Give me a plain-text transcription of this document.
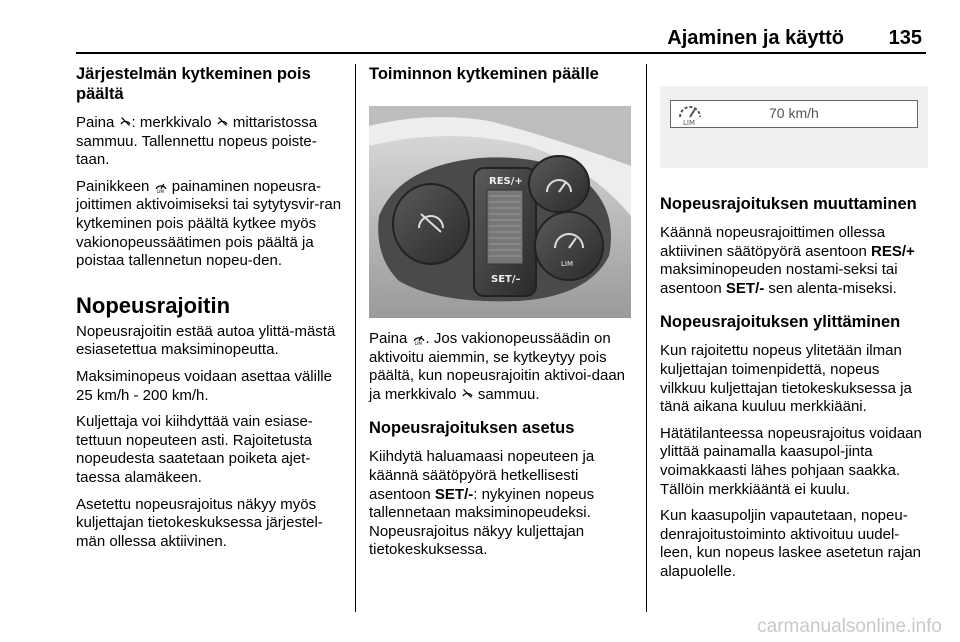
Ajaminen ja käyttö 135
Järjestelmän kytkeminen pois päältä

Paina : merkkivalo  mittaristossa sammuu. Tallennettu nopeus poiste-taan.

Painikkeen LIM painaminen nopeusra-joittimen aktivoimiseksi tai sytytysvir-ran kytkeminen pois päältä kytkee myös vakionopeussäätimen pois päältä ja poistaa tallennetun nopeu-den.

Nopeusrajoitin

Nopeusrajoitin estää autoa ylittä-mästä esiasetettua maksiminopeutta.

Maksiminopeus voidaan asettaa välille 25 km/h - 200 km/h.

Kuljettaja voi kiihdyttää vain esiase-tettuun nopeuteen asti. Rajoitetusta nopeudesta saatetaan poiketa ajet-taessa alamäkeen.

Asetettu nopeusrajoitus näkyy myös kuljettajan tietokeskuksessa järjestel-män ollessa aktiivinen.

Toiminnon kytkeminen päälle
RES/+
SET/–
LIM

Paina LIM . Jos vakionopeussäädin on aktivoitu aiemmin, se kytkeytyy pois päältä, kun nopeusrajoitin aktivoi-daan ja merkkivalo  sammuu.

Nopeusrajoituksen asetus

Kiihdytä haluamaasi nopeuteen ja käännä säätöpyörä hetkellisesti asentoon SET/-: nykyinen nopeus tallennetaan maksiminopeudeksi. Nopeusrajoitus näkyy kuljettajan tietokeskuksessa.

LIM
70 km/h
Nopeusrajoituksen muuttaminen

Käännä nopeusrajoittimen ollessa aktiivinen säätöpyörä asentoon RES/+ maksiminopeuden nostami-seksi tai asentoon SET/- sen alenta-miseksi.

Nopeusrajoituksen ylittäminen

Kun rajoitettu nopeus ylitetään ilman kuljettajan toimenpidettä, nopeus vilkkuu kuljettajan tietokeskuksessa ja tänä aikana kuuluu merkkiääni.

Hätätilanteessa nopeusrajoitus voidaan ylittää painamalla kaasupol-jinta voimakkaasti lähes pohjaan saakka. Tällöin merkkiääntä ei kuulu.

Kun kaasupoljin vapautetaan, nopeu-denrajoitustoiminto aktivoituu uudel-leen, kun nopeus laskee asetetun rajan alapuolelle.

carmanualsonline.info
